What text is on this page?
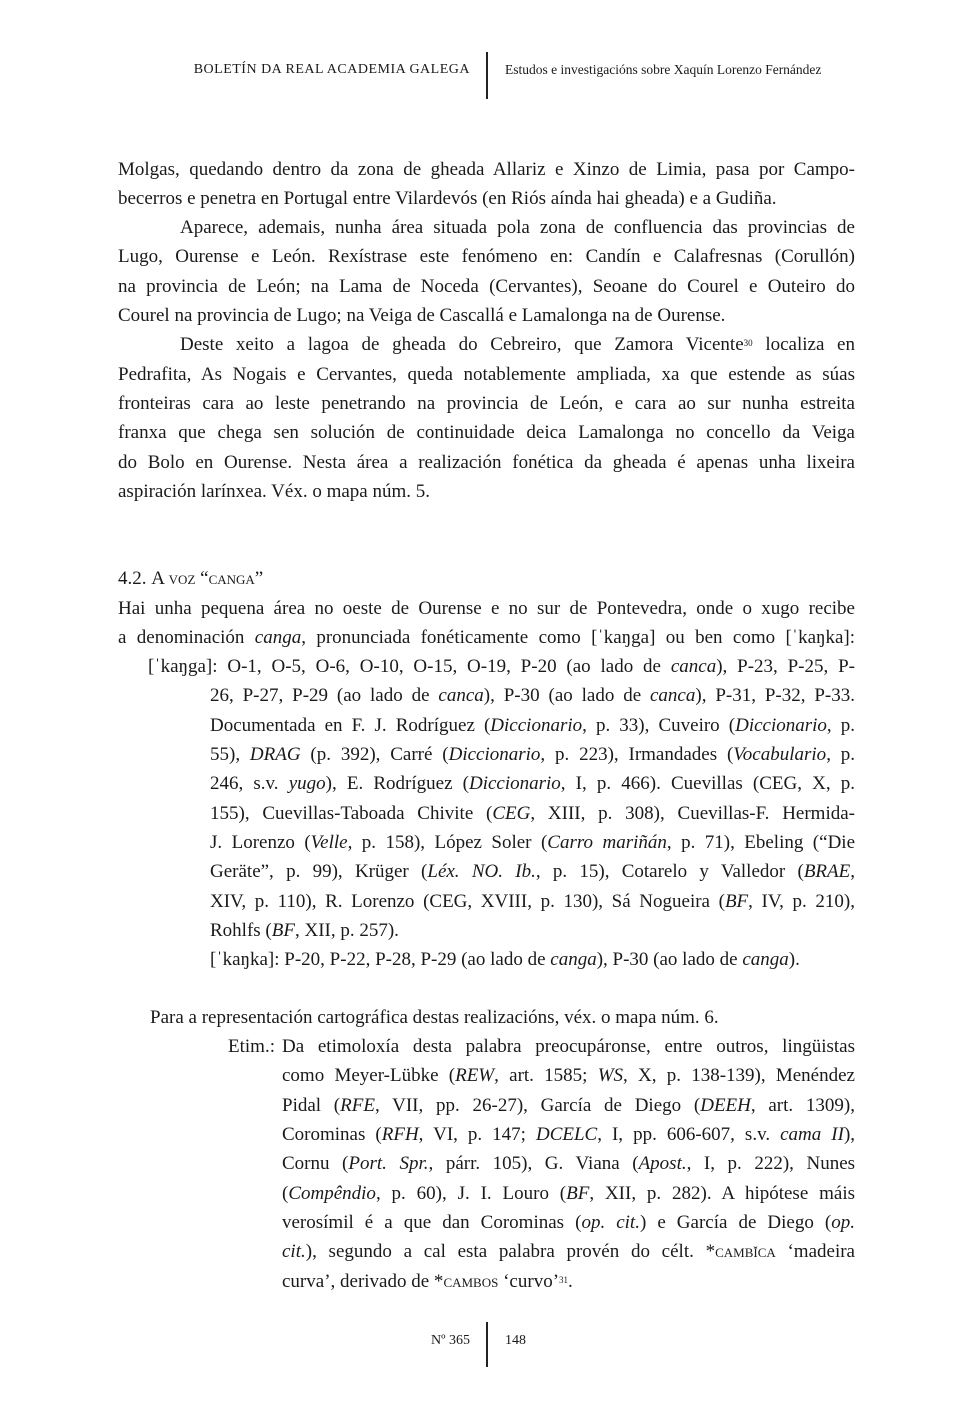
BOLETÍN DA REAL ACADEMIA GALEGA	Estudos e investigacións sobre Xaquín Lorenzo Fernández
Molgas, quedando dentro da zona de gheada Allariz e Xinzo de Limia, pasa por Campo-
becerros e penetra en Portugal entre Vilardevós (en Riós aínda hai gheada) e a Gudiña.
Aparece, ademais, nunha área situada pola zona de confluencia das provincias de
Lugo, Ourense e León. Rexístrase este fenómeno en: Candín e Calafresnas (Corullón)
na provincia de León; na Lama de Noceda (Cervantes), Seoane do Courel e Outeiro do
Courel na provincia de Lugo; na Veiga de Cascallá e Lamalonga na de Ourense.
Deste xeito a lagoa de gheada do Cebreiro, que Zamora Vicente$^{30}$ localiza en
Pedrafita, As Nogais e Cervantes, queda notablemente ampliada, xa que estende as súas
fronteiras cara ao leste penetrando na provincia de León, e cara ao sur nunha estreita
franxa que chega sen solución de continuidade deica Lamalonga no concello da Veiga
do Bolo en Ourense. Nesta área a realización fonética da gheada é apenas unha lixeira
aspiración larínxea. Véx. o mapa núm. 5.
4.2. A voz “canga”
Hai unha pequena área no oeste de Ourense e no sur de Pontevedra, onde o xugo recibe
a denominación canga, pronunciada fonéticamente como [ˈkaŋga] ou ben como [ˈkaŋka]:
[ˈkaŋga]: O-1, O-5, O-6, O-10, O-15, O-19, P-20 (ao lado de canca), P-23, P-25, P-
26, P-27, P-29 (ao lado de canca), P-30 (ao lado de canca), P-31, P-32, P-33.
Documentada en F. J. Rodríguez (Diccionario, p. 33), Cuveiro (Diccionario, p.
55), DRAG (p. 392), Carré (Diccionario, p. 223), Irmandades (Vocabulario, p.
246, s.v. yugo), E. Rodríguez (Diccionario, I, p. 466). Cuevillas (CEG, X, p.
155), Cuevillas-Taboada Chivite (CEG, XIII, p. 308), Cuevillas-F. Hermida-
J. Lorenzo (Velle, p. 158), López Soler (Carro mariñán, p. 71), Ebeling (“Die
Geräte”, p. 99), Krüger (Léx. NO. Ib., p. 15), Cotarelo y Valledor (BRAE,
XIV, p. 110), R. Lorenzo (CEG, XVIII, p. 130), Sá Nogueira (BF, IV, p. 210),
Rohlfs (BF, XII, p. 257).
[ˈkaŋka]: P-20, P-22, P-28, P-29 (ao lado de canga), P-30 (ao lado de canga).
Para a representación cartográfica destas realizacións, véx. o mapa núm. 6.
Etim.: Da etimoloxía desta palabra preocupáronse, entre outros, lingüistas
como Meyer-Lübke (REW, art. 1585; WS, X, p. 138-139), Menéndez
Pidal (RFE, VII, pp. 26-27), García de Diego (DEEH, art. 1309),
Corominas (RFH, VI, p. 147; DCELC, I, pp. 606-607, s.v. cama II),
Cornu (Port. Spr., párr. 105), G. Viana (Apost., I, p. 222), Nunes
(Compêndio, p. 60), J. I. Louro (BF, XII, p. 282). A hipótese máis
verosímil é a que dan Corominas (op. cit.) e García de Diego (op.
cit.), segundo a cal esta palabra provén do célt. *cambĭca ‘madeira
curva’, derivado de *cambos ‘curvo’$^{31}$.
Nº 365	148
